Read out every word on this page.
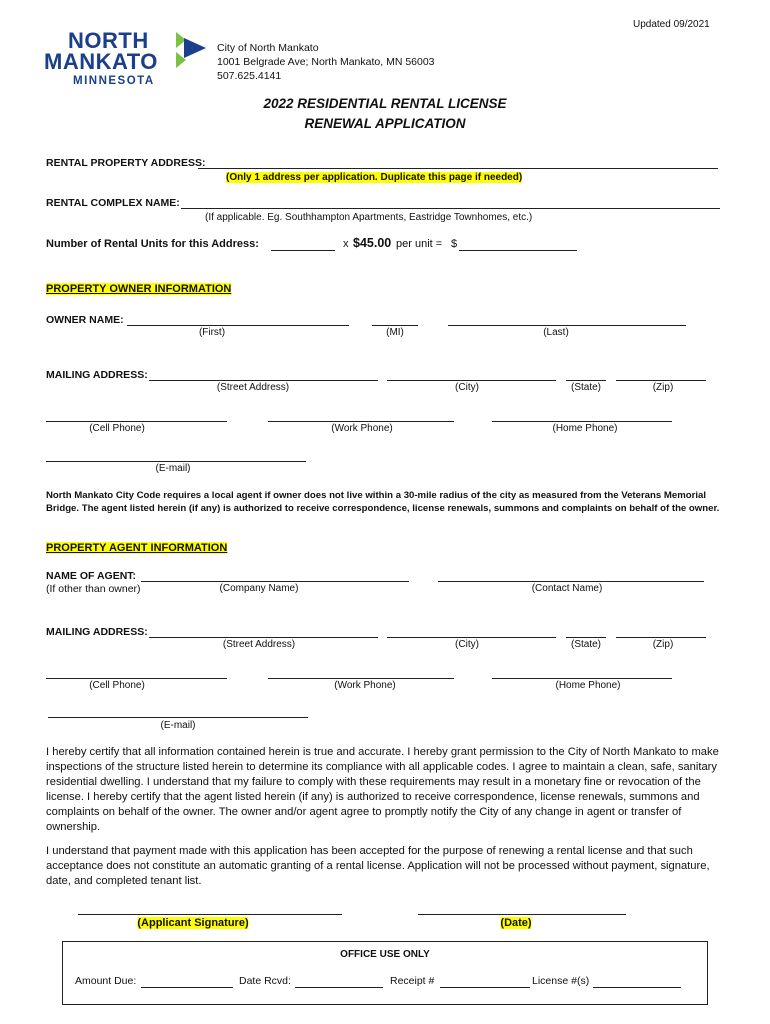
Updated 09/2021
NORTH
MANKATO
MINNESOTA
City of North Mankato
1001 Belgrade Ave; North Mankato, MN 56003
507.625.4141
2022 RESIDENTIAL RENTAL LICENSE
RENEWAL APPLICATION
RENTAL PROPERTY ADDRESS:
(Only 1 address per application. Duplicate this page if needed)
RENTAL COMPLEX NAME:
(If applicable. Eg. Southhampton Apartments, Eastridge Townhomes, etc.)
Number of Rental Units for this Address:	x $45.00 per unit = $
PROPERTY OWNER INFORMATION
OWNER NAME:
(First)	(MI)	(Last)
MAILING ADDRESS:
(Street Address)	(City)	(State)	(Zip)
(Cell Phone)	(Work Phone)	(Home Phone)
(E-mail)
North Mankato City Code requires a local agent if owner does not live within a 30-mile radius of the city as measured from the Veterans Memorial Bridge. The agent listed herein (if any) is authorized to receive correspondence, license renewals, summons and complaints on behalf of the owner.
PROPERTY AGENT INFORMATION
NAME OF AGENT:
(If other than owner)	(Company Name)	(Contact Name)
MAILING ADDRESS:
(Street Address)	(City)	(State)	(Zip)
(Cell Phone)	(Work Phone)	(Home Phone)
(E-mail)
I hereby certify that all information contained herein is true and accurate. I hereby grant permission to the City of North Mankato to make inspections of the structure listed herein to determine its compliance with all applicable codes. I agree to maintain a clean, safe, sanitary residential dwelling. I understand that my failure to comply with these requirements may result in a monetary fine or revocation of the license. I hereby certify that the agent listed herein (if any) is authorized to receive correspondence, license renewals, summons and complaints on behalf of the owner. The owner and/or agent agree to promptly notify the City of any change in agent or transfer of ownership.
I understand that payment made with this application has been accepted for the purpose of renewing a rental license and that such acceptance does not constitute an automatic granting of a rental license. Application will not be processed without payment, signature, date, and completed tenant list.
(Applicant Signature)	(Date)
OFFICE USE ONLY
Amount Due:	Date Rcvd:	Receipt #	License #(s)
